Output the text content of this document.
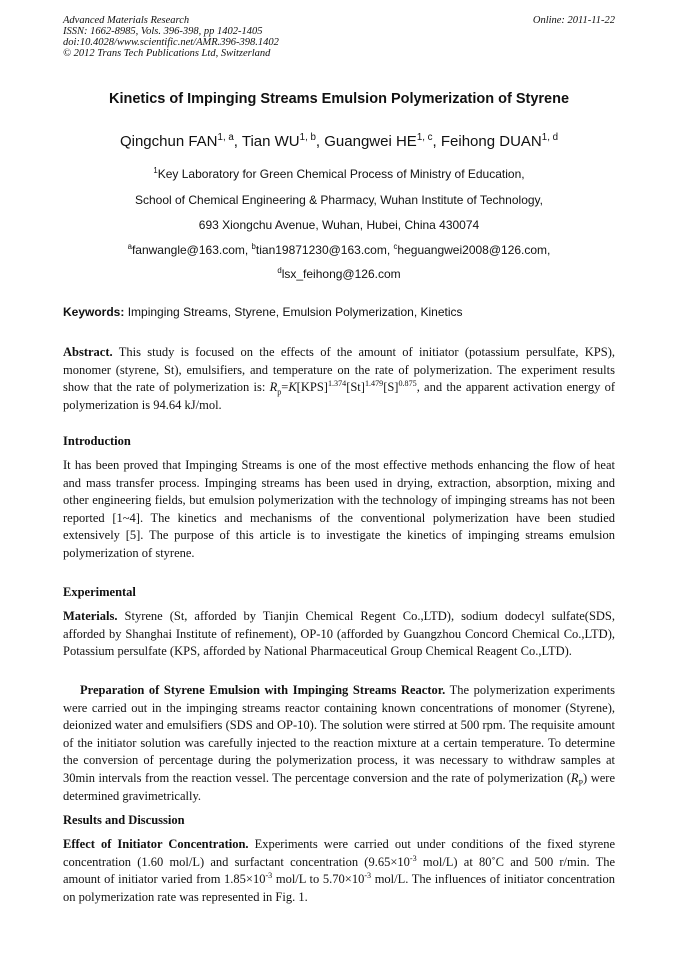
Advanced Materials Research
ISSN: 1662-8985, Vols. 396-398, pp 1402-1405
doi:10.4028/www.scientific.net/AMR.396-398.1402
© 2012 Trans Tech Publications Ltd, Switzerland
Online: 2011-11-22
Kinetics of Impinging Streams Emulsion Polymerization of Styrene
Qingchun FAN$^{1, a}$, Tian WU$^{1, b}$, Guangwei HE$^{1, c}$, Feihong DUAN$^{1, d}$
$^1$Key Laboratory for Green Chemical Process of Ministry of Education,
School of Chemical Engineering & Pharmacy, Wuhan Institute of Technology,
693 Xiongchu Avenue, Wuhan, Hubei, China 430074
$^a$fanwangle@163.com, $^b$tian19871230@163.com, $^c$heguangwei2008@126.com,
$^d$lsx_feihong@126.com
Keywords: Impinging Streams, Styrene, Emulsion Polymerization, Kinetics
Abstract. This study is focused on the effects of the amount of initiator (potassium persulfate, KPS), monomer (styrene, St), emulsifiers, and temperature on the rate of polymerization. The experiment results show that the rate of polymerization is: $R_p=K[KPS]^{1.374}[St]^{1.479}[S]^{0.875}$, and the apparent activation energy of polymerization is 94.64 kJ/mol.
Introduction
It has been proved that Impinging Streams is one of the most effective methods enhancing the flow of heat and mass transfer process. Impinging streams has been used in drying, extraction, absorption, mixing and other engineering fields, but emulsion polymerization with the technology of impinging streams has not been reported [1~4]. The kinetics and mechanisms of the conventional polymerization have been studied extensively [5]. The purpose of this article is to investigate the kinetics of impinging streams emulsion polymerization of styrene.
Experimental
Materials. Styrene (St, afforded by Tianjin Chemical Regent Co.,LTD), sodium dodecyl sulfate(SDS, afforded by Shanghai Institute of refinement), OP-10 (afforded by Guangzhou Concord Chemical Co.,LTD), Potassium persulfate (KPS, afforded by National Pharmaceutical Group Chemical Reagent Co.,LTD).
Preparation of Styrene Emulsion with Impinging Streams Reactor. The polymerization experiments were carried out in the impinging streams reactor containing known concentrations of monomer (Styrene), deionized water and emulsifiers (SDS and OP-10). The solution were stirred at 500 rpm. The requisite amount of the initiator solution was carefully injected to the reaction mixture at a certain temperature. To determine the conversion of percentage during the polymerization process, it was necessary to withdraw samples at 30min intervals from the reaction vessel. The percentage conversion and the rate of polymerization $(R_P)$ were determined gravimetrically.
Results and Discussion
Effect of Initiator Concentration. Experiments were carried out under conditions of the fixed styrene concentration (1.60 mol/L) and surfactant concentration ($9.65\times 10^{-3}$ mol/L) at 80˚C and 500 r/min. The amount of initiator varied from $1.85\times 10^{-3}$ mol/L to $5.70\times 10^{-3}$ mol/L. The influences of initiator concentration on polymerization rate was represented in Fig. 1.
